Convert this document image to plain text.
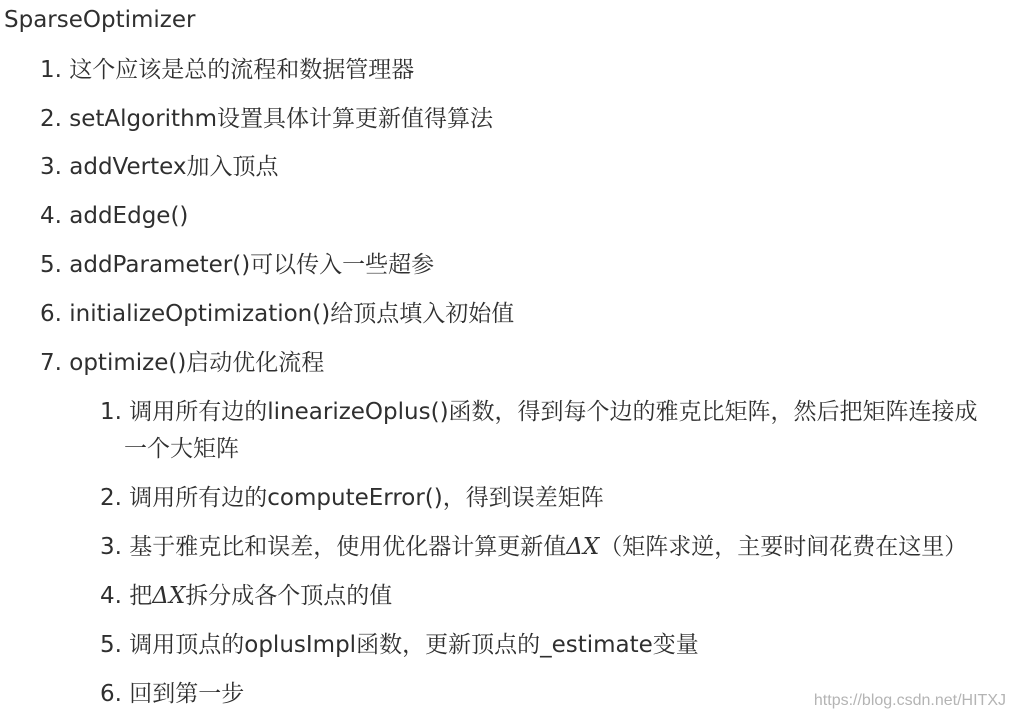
SparseOptimizer
1. 这个应该是总的流程和数据管理器
2. setAlgorithm设置具体计算更新值得算法
3. addVertex加入顶点
4. addEdge()
5. addParameter()可以传入一些超参
6. initializeOptimization()给顶点填入初始值
7. optimize()启动优化流程
1. 调用所有边的linearizeOplus()函数，得到每个边的雅克比矩阵，然后把矩阵连接成
一个大矩阵
2. 调用所有边的computeError()，得到误差矩阵
3. 基于雅克比和误差，使用优化器计算更新值ΔX（矩阵求逆，主要时间花费在这里）
4. 把ΔX拆分成各个顶点的值
5. 调用顶点的oplusImpl函数，更新顶点的_estimate变量
6. 回到第一步	https://blog.csdn.net/HITXJ
